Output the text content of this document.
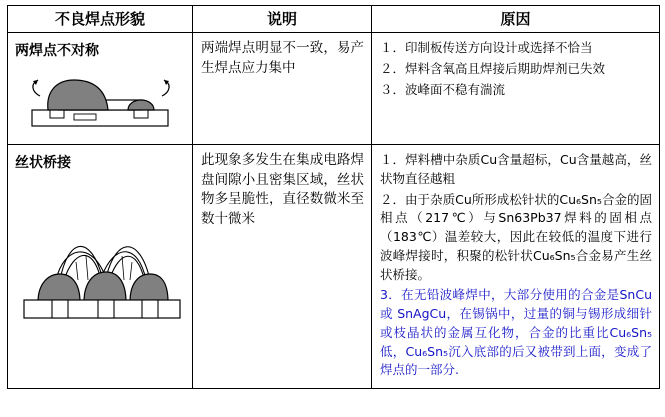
不良焊点形貌	说明	原因

两焊点不对称	两端焊点明显不一致，易产生焊点应力集中	１．印制板传送方向设计或选择不恰当
２．焊料含氧高且焊接后期助焊剂已失效
３．波峰面不稳有湍流

丝状桥接	此现象多发生在集成电路焊盘间隙小且密集区域，丝状物多呈脆性，直径数微米至数十微米	１．焊料槽中杂质Cu含量超标，Cu含量越高，丝状物直径越粗
２．由于杂质Cu所形成松针状的Cu₆Sn₅合金的固相点（217℃）与Sn63Pb37焊料的固相点（183℃）温差较大，因此在较低的温度下进行波峰焊接时，积聚的松针状Cu₆Sn₅合金易产生丝状桥接。
3．在无铅波峰焊中，大部分使用的合金是SnCu 或 SnAgCu，在锡锅中，过量的铜与锡形成细针或枝晶状的金属互化物，合金的比重比Cu₆Sn₅低，Cu₆Sn₅沉入底部的后又被带到上面，变成了焊点的一部分.
